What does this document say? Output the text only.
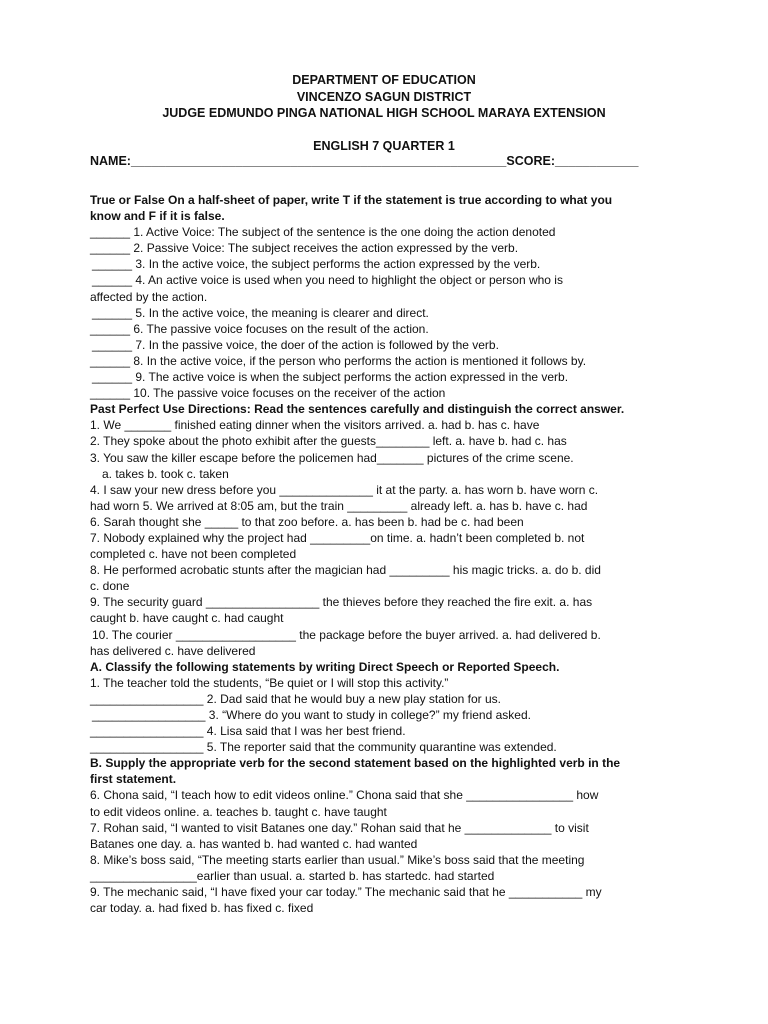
DEPARTMENT OF EDUCATION
VINCENZO SAGUN DISTRICT
JUDGE EDMUNDO PINGA NATIONAL HIGH SCHOOL MARAYA EXTENSION
ENGLISH 7 QUARTER 1
NAME:______________________________________________________SCORE:____________
True or False On a half-sheet of paper, write T if the statement is true according to what you
know and F if it is false.
______ 1. Active Voice: The subject of the sentence is the one doing the action denoted
______ 2. Passive Voice: The subject receives the action expressed by the verb.
______ 3. In the active voice, the subject performs the action expressed by the verb.
______ 4. An active voice is used when you need to highlight the object or person who is
affected by the action.
______ 5. In the active voice, the meaning is clearer and direct.
______ 6. The passive voice focuses on the result of the action.
______ 7. In the passive voice, the doer of the action is followed by the verb.
______ 8. In the active voice, if the person who performs the action is mentioned it follows by.
______ 9. The active voice is when the subject performs the action expressed in the verb.
______ 10. The passive voice focuses on the receiver of the action
Past Perfect Use Directions: Read the sentences carefully and distinguish the correct answer.
1. We _______ finished eating dinner when the visitors arrived. a. had b. has c. have
2. They spoke about the photo exhibit after the guests________ left. a. have b. had c. has
3. You saw the killer escape before the policemen had_______ pictures of the crime scene.
a. takes b. took c. taken
4. I saw your new dress before you ______________ it at the party. a. has worn b. have worn c.
had worn 5. We arrived at 8:05 am, but the train _________ already left. a. has b. have c. had
6. Sarah thought she _____ to that zoo before. a. has been b. had be c. had been
7. Nobody explained why the project had _________on time. a. hadn’t been completed b. not
completed c. have not been completed
8. He performed acrobatic stunts after the magician had _________ his magic tricks. a. do b. did
c. done
9. The security guard _________________ the thieves before they reached the fire exit. a. has
caught b. have caught c. had caught
10. The courier __________________ the package before the buyer arrived. a. had delivered b.
has delivered c. have delivered
A. Classify the following statements by writing Direct Speech or Reported Speech.
1. The teacher told the students, “Be quiet or I will stop this activity.”
_________________ 2. Dad said that he would buy a new play station for us.
_________________ 3. “Where do you want to study in college?” my friend asked.
_________________ 4. Lisa said that I was her best friend.
_________________ 5. The reporter said that the community quarantine was extended.
B. Supply the appropriate verb for the second statement based on the highlighted verb in the
first statement.
6. Chona said, “I teach how to edit videos online.” Chona said that she ________________ how
to edit videos online. a. teaches b. taught c. have taught
7. Rohan said, “I wanted to visit Batanes one day.” Rohan said that he _____________ to visit
Batanes one day. a. has wanted b. had wanted c. had wanted
8. Mike’s boss said, “The meeting starts earlier than usual.” Mike’s boss said that the meeting
________________earlier than usual. a. started b. has startedc. had started
9. The mechanic said, “I have fixed your car today.” The mechanic said that he ___________ my
car today. a. had fixed b. has fixed c. fixed
